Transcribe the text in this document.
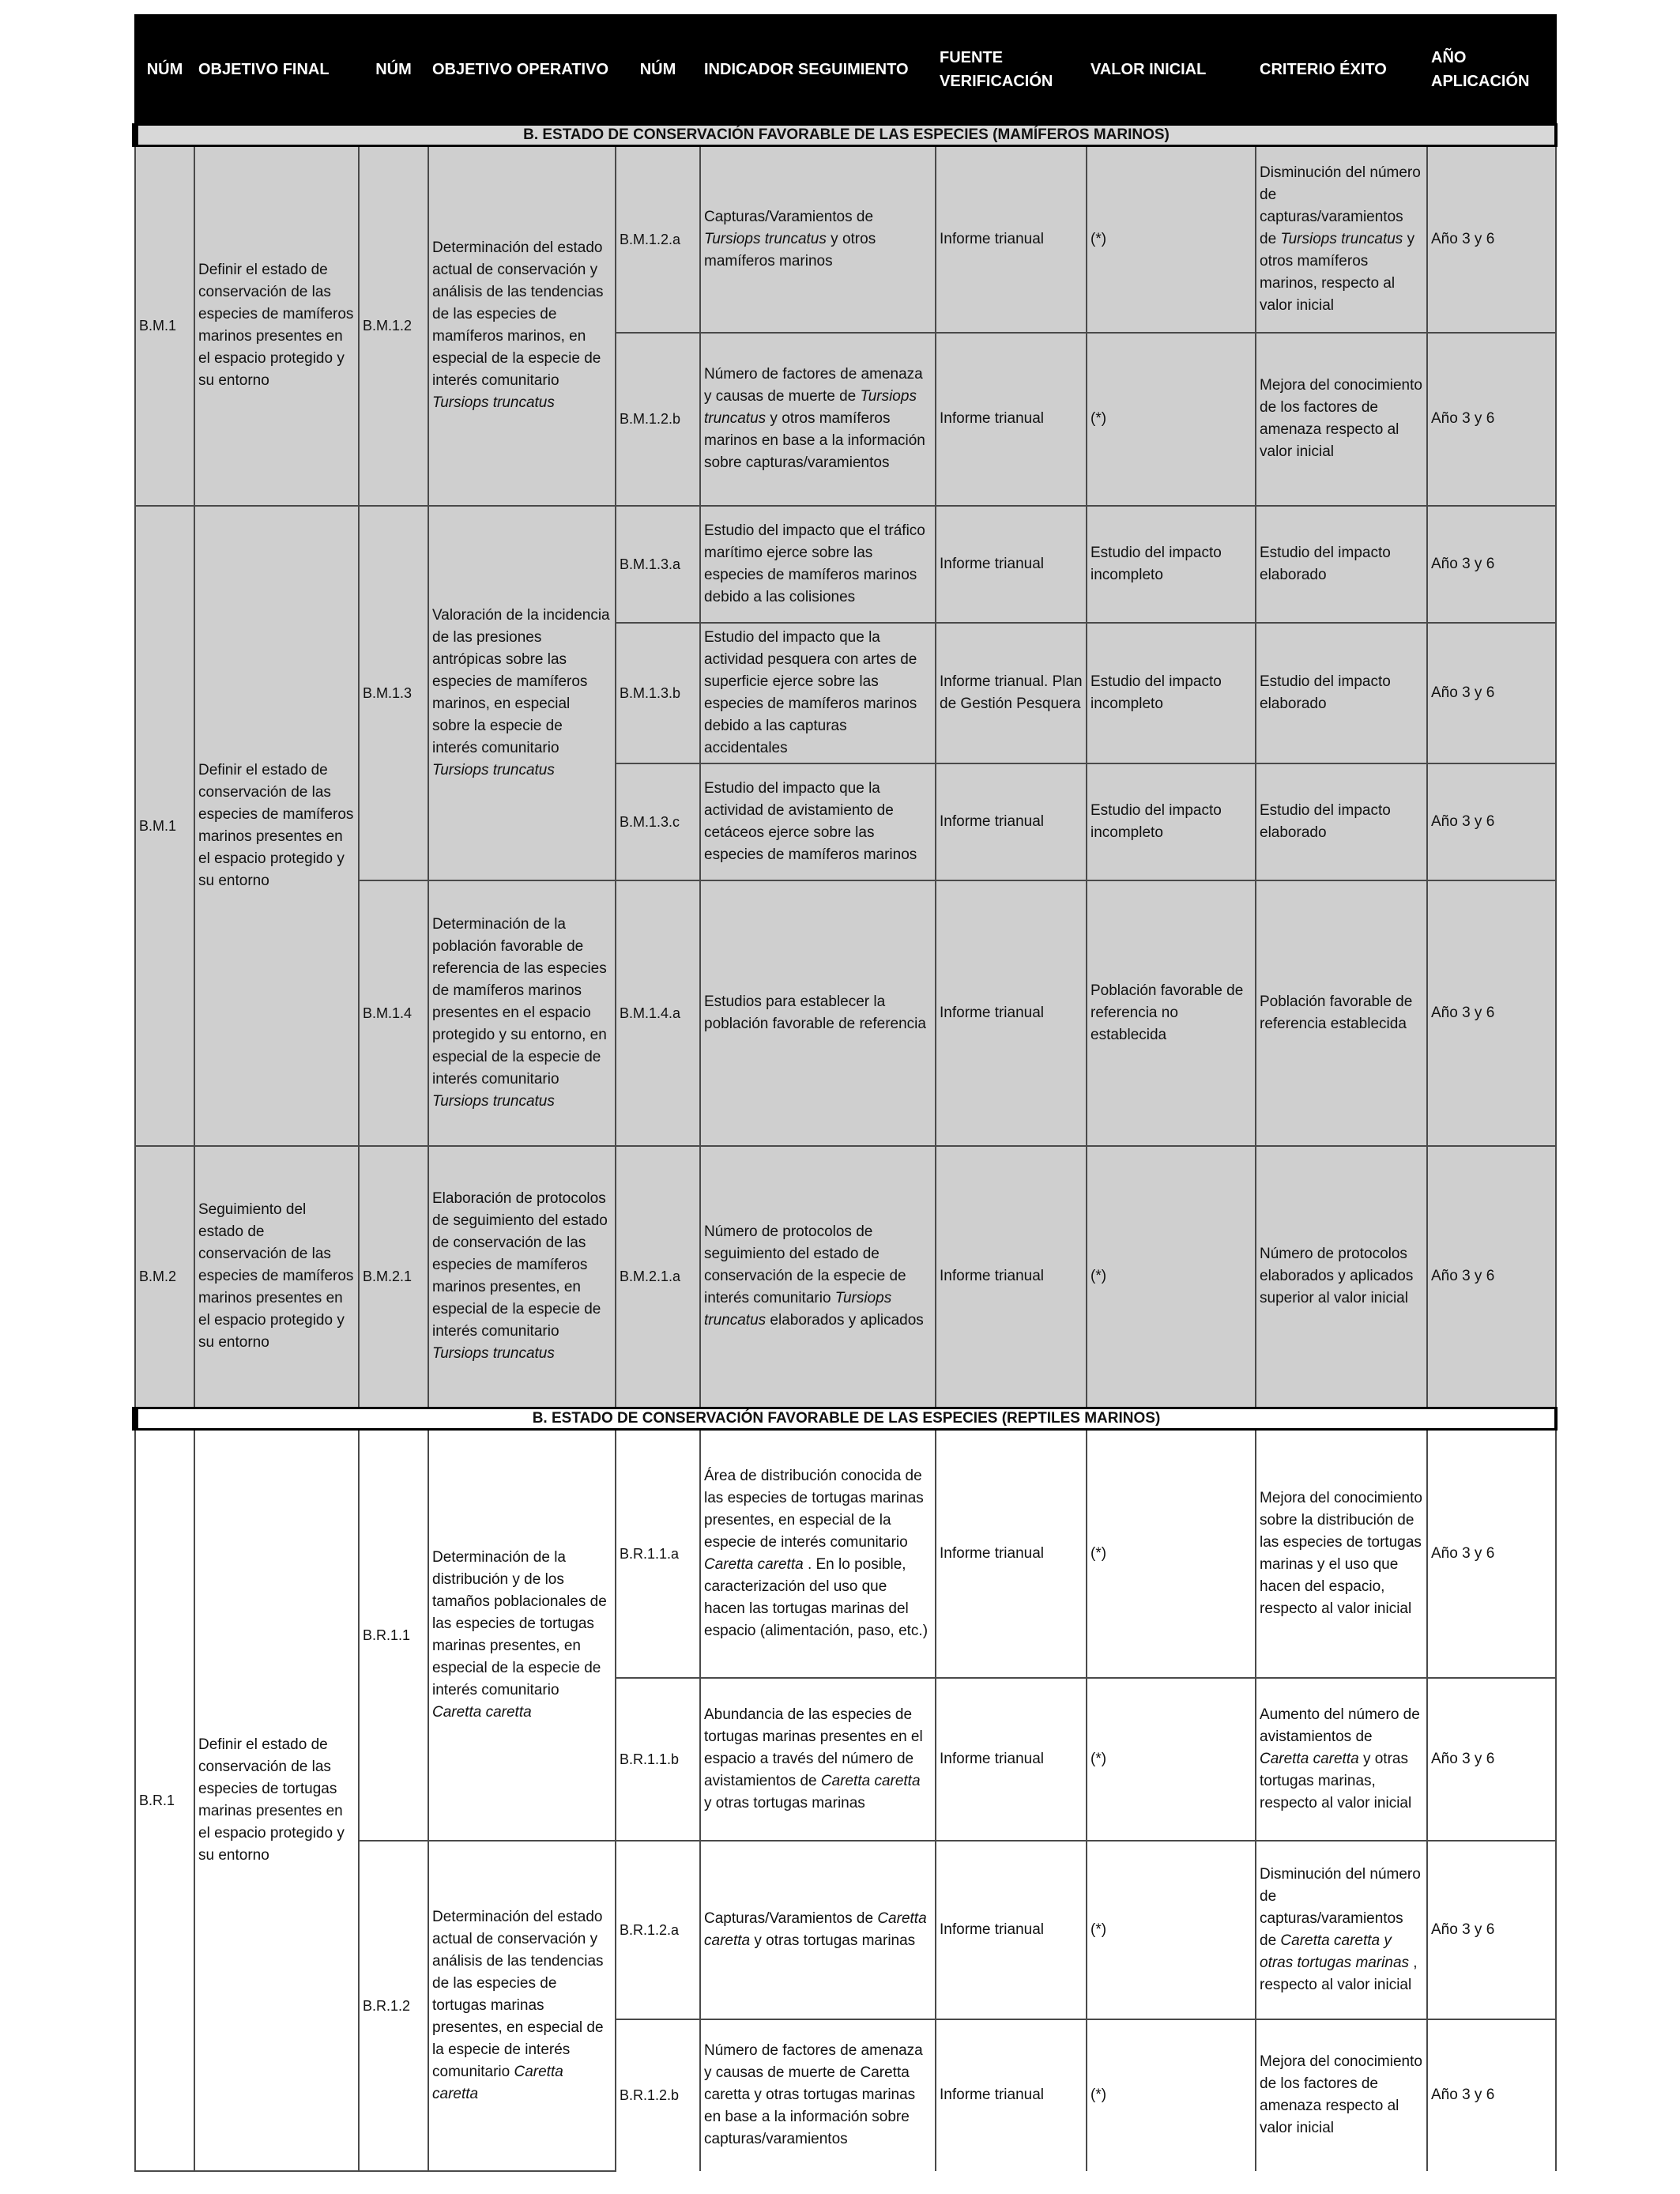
NÚM	OBJETIVO FINAL	NÚM	OBJETIVO OPERATIVO	NÚM	INDICADOR SEGUIMIENTO	FUENTE VERIFICACIÓN	VALOR INICIAL	CRITERIO ÉXITO	AÑO APLICACIÓN
B. ESTADO DE CONSERVACIÓN FAVORABLE DE LAS ESPECIES (MAMÍFEROS MARINOS)									
B.M.1	Definir el estado de conservación de las especies de mamíferos marinos presentes en el espacio protegido y su entorno	B.M.1.2	Determinación del estado actual de conservación y análisis de las tendencias de las especies de mamíferos marinos, en especial de la especie de interés comunitario Tursiops truncatus	B.M.1.2.a	Capturas/Varamientos de Tursiops truncatus y otros mamíferos marinos	Informe trianual	(*)	Disminución del número de capturas/varamientos de Tursiops truncatus y otros mamíferos marinos, respecto al valor inicial	Año 3 y 6
				B.M.1.2.b	Número de factores de amenaza y causas de muerte de Tursiops truncatus y otros mamíferos marinos en base a la información sobre capturas/varamientos	Informe trianual	(*)	Mejora del conocimiento de los factores de amenaza respecto al valor inicial	Año 3 y 6
B.M.1	Definir el estado de conservación de las especies de mamíferos marinos presentes en el espacio protegido y su entorno	B.M.1.3	Valoración de la incidencia de las presiones antrópicas sobre las especies de mamíferos marinos, en especial sobre la especie de interés comunitario Tursiops truncatus	B.M.1.3.a	Estudio del impacto que el tráfico marítimo ejerce sobre las especies de mamíferos marinos debido a las colisiones	Informe trianual	Estudio del impacto incompleto	Estudio del impacto elaborado	Año 3 y 6
				B.M.1.3.b	Estudio del impacto que la actividad pesquera con artes de superficie ejerce sobre las especies de mamíferos marinos debido a las capturas accidentales	Informe trianual. Plan de Gestión Pesquera	Estudio del impacto incompleto	Estudio del impacto elaborado	Año 3 y 6
				B.M.1.3.c	Estudio del impacto que la actividad de avistamiento de cetáceos ejerce sobre las especies de mamíferos marinos	Informe trianual	Estudio del impacto incompleto	Estudio del impacto elaborado	Año 3 y 6
		B.M.1.4	Determinación de la población favorable de referencia de las especies de mamíferos marinos presentes en el espacio protegido y su entorno, en especial de la especie de interés comunitario Tursiops truncatus	B.M.1.4.a	Estudios para establecer la población favorable de referencia	Informe trianual	Población favorable de referencia no establecida	Población favorable de referencia establecida	Año 3 y 6
B.M.2	Seguimiento del estado de conservación de las especies de mamíferos marinos presentes en el espacio protegido y su entorno	B.M.2.1	Elaboración de protocolos de seguimiento del estado de conservación de las especies de mamíferos marinos presentes, en especial de la especie de interés comunitario Tursiops truncatus	B.M.2.1.a	Número de protocolos de seguimiento del estado de conservación de la especie de interés comunitario Tursiops truncatus elaborados y aplicados	Informe trianual	(*)	Número de protocolos elaborados y aplicados superior al valor inicial	Año 3 y 6
B. ESTADO DE CONSERVACIÓN FAVORABLE DE LAS ESPECIES (REPTILES MARINOS)									
B.R.1	Definir el estado de conservación de las especies de tortugas marinas presentes en el espacio protegido y su entorno	B.R.1.1	Determinación de la distribución y de los tamaños poblacionales de las especies de tortugas marinas presentes, en especial de la especie de interés comunitario Caretta caretta	B.R.1.1.a	Área de distribución conocida de las especies de tortugas marinas presentes, en especial de la especie de interés comunitario Caretta caretta . En lo posible, caracterización del uso que hacen las tortugas marinas del espacio (alimentación, paso, etc.)	Informe trianual	(*)	Mejora del conocimiento sobre la distribución de las especies de tortugas marinas y el uso que hacen del espacio, respecto al valor inicial	Año 3 y 6
				B.R.1.1.b	Abundancia de las especies de tortugas marinas presentes en el espacio a través del número de avistamientos de Caretta caretta y otras tortugas marinas	Informe trianual	(*)	Aumento del número de avistamientos de Caretta caretta y otras tortugas marinas, respecto al valor inicial	Año 3 y 6
		B.R.1.2	Determinación del estado actual de conservación y análisis de las tendencias de las especies de tortugas marinas presentes, en especial de la especie de interés comunitario Caretta caretta	B.R.1.2.a	Capturas/Varamientos de Caretta caretta y otras tortugas marinas	Informe trianual	(*)	Disminución del número de capturas/varamientos de Caretta caretta y otras tortugas marinas , respecto al valor inicial	Año 3 y 6
				B.R.1.2.b	Número de factores de amenaza y causas de muerte de Caretta caretta y otras tortugas marinas en base a la información sobre capturas/varamientos	Informe trianual	(*)	Mejora del conocimiento de los factores de amenaza respecto al valor inicial	Año 3 y 6
